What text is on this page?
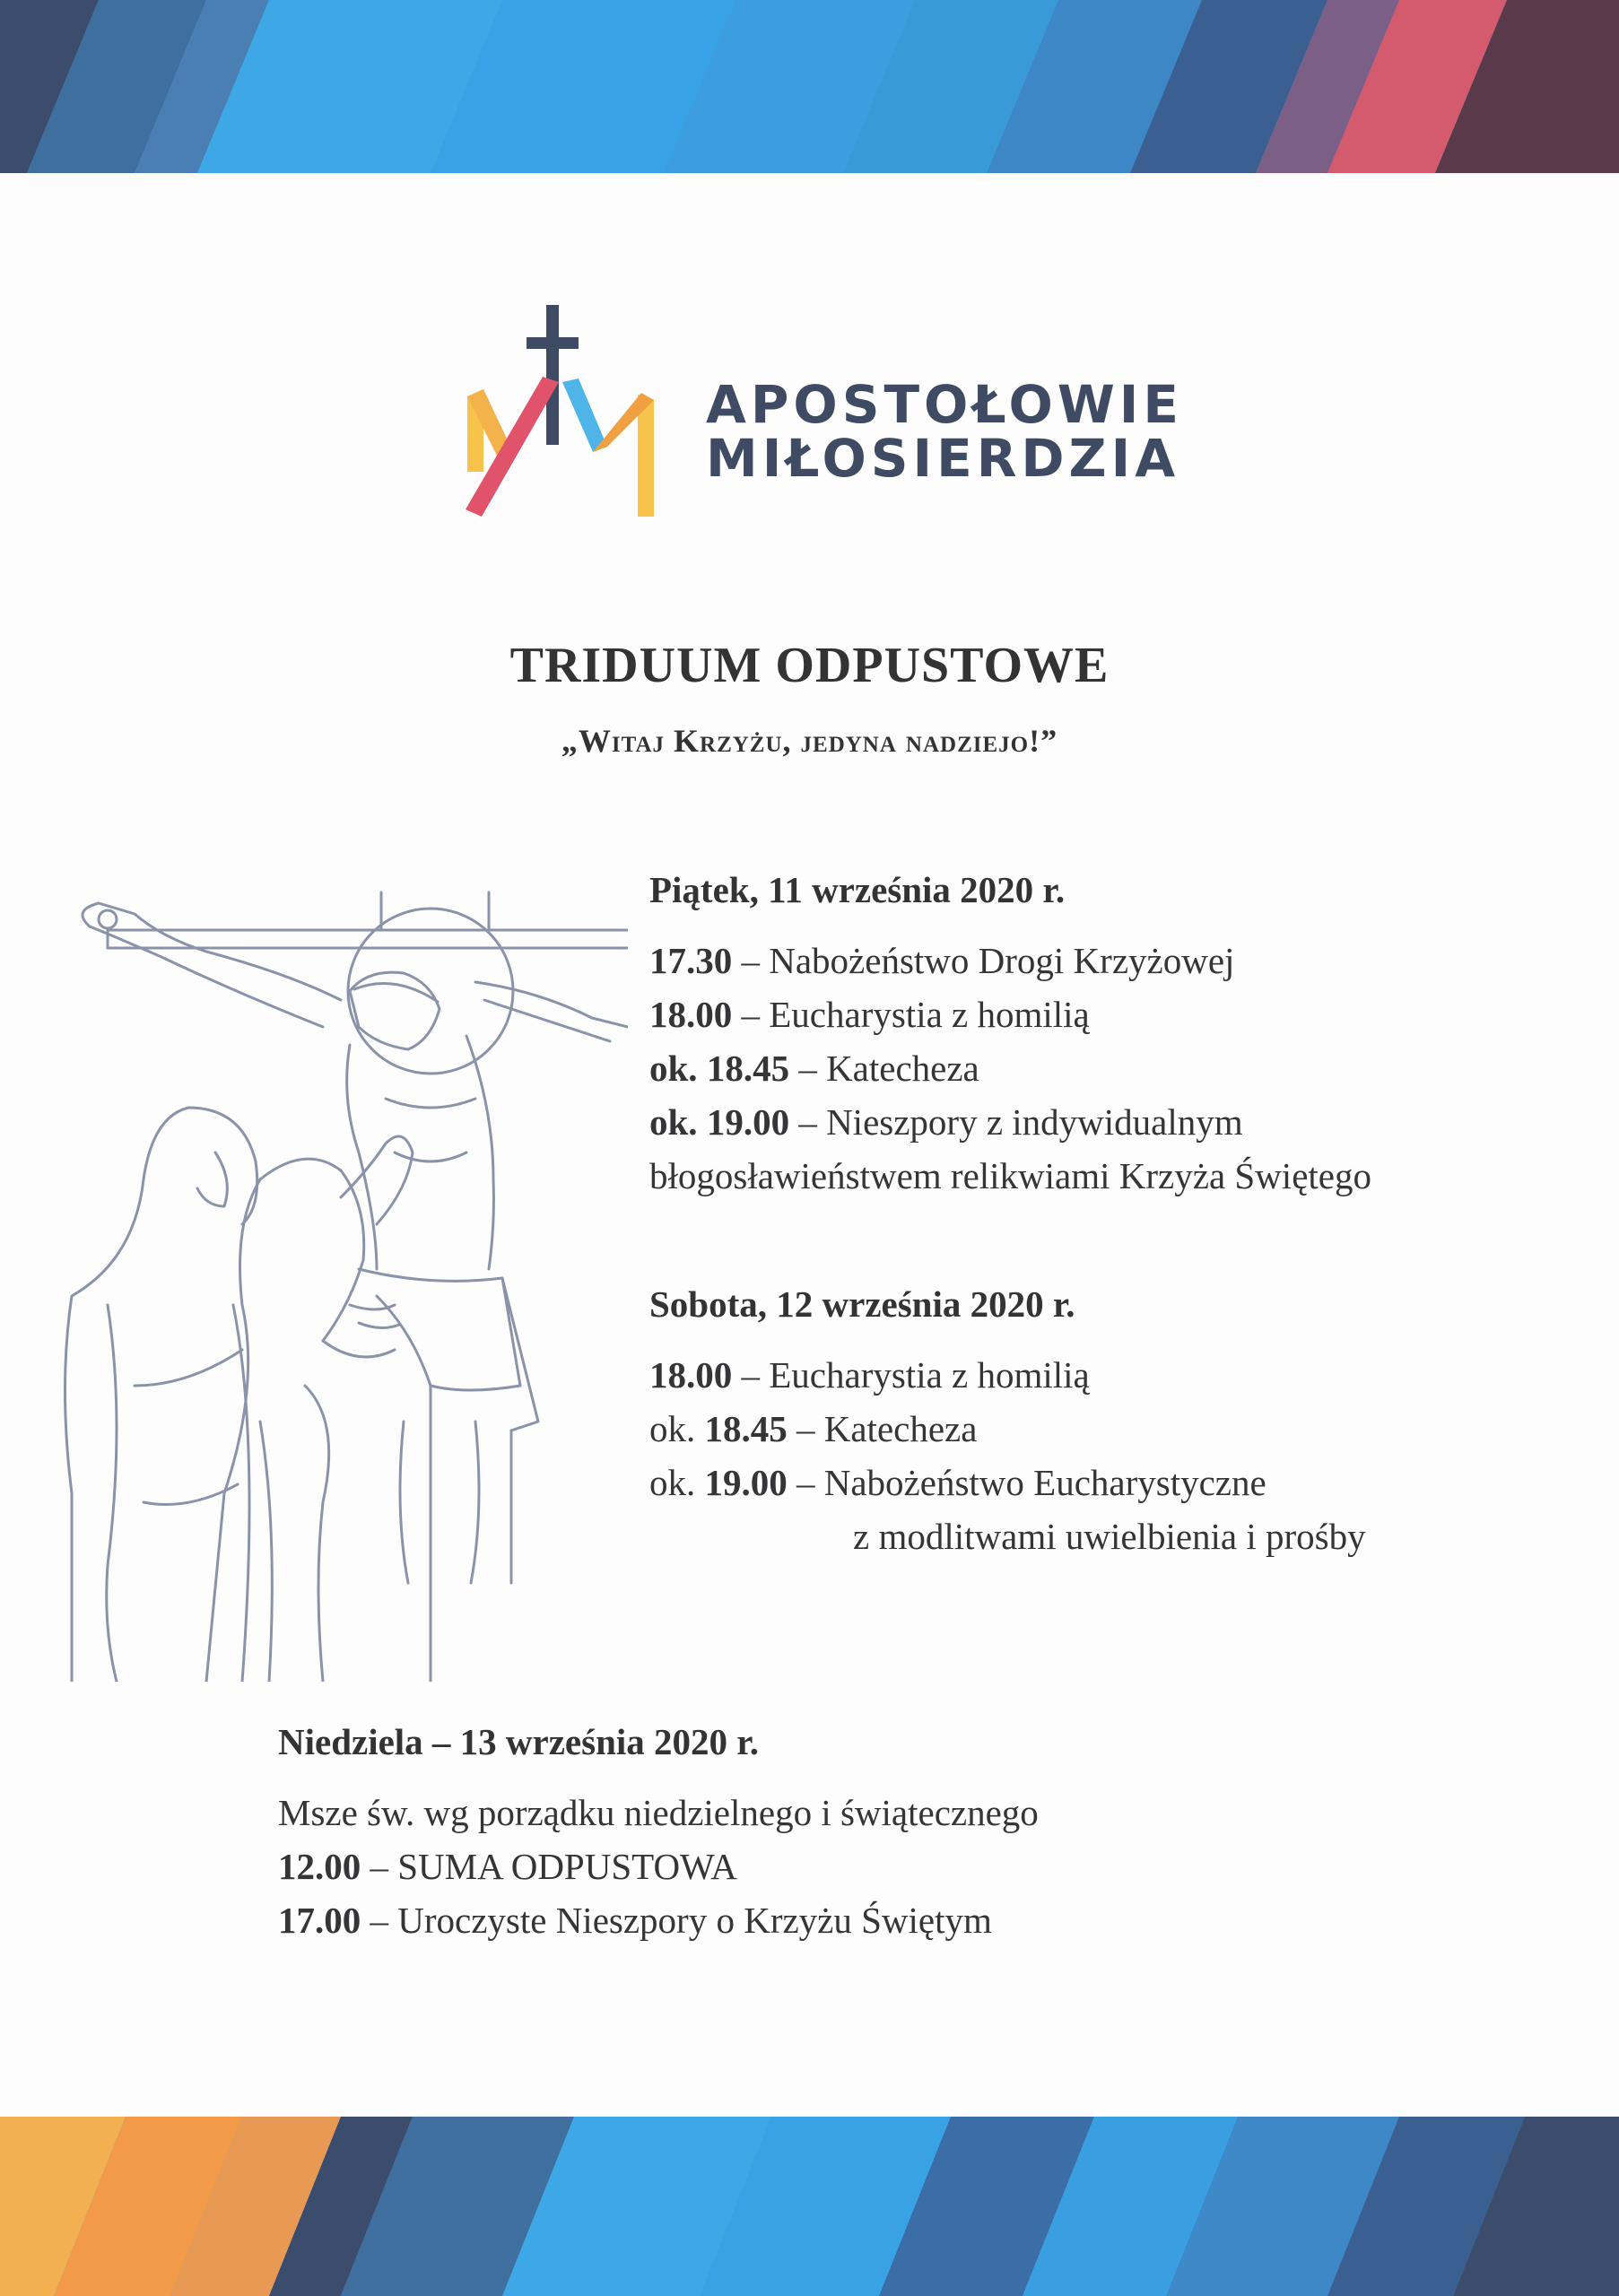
APOSTOŁOWIE
MIŁOSIERDZIA
TRIDUUM ODPUSTOWE
„Witaj Krzyżu, jedyna nadziejo!”
Piątek, 11 września 2020 r.
17.30 – Nabożeństwo Drogi Krzyżowej
18.00 – Eucharystia z homilią
ok. 18.45 – Katecheza
ok. 19.00 – Nieszpory z indywidualnym
błogosławieństwem relikwiami Krzyża Świętego
Sobota, 12 września 2020 r.
18.00 – Eucharystia z homilią
ok. 18.45 – Katecheza
ok. 19.00 – Nabożeństwo Eucharystyczne
z modlitwami uwielbienia i prośby
Niedziela – 13 września 2020 r.
Msze św. wg porządku niedzielnego i świątecznego
12.00 – SUMA ODPUSTOWA
17.00 – Uroczyste Nieszpory o Krzyżu Świętym
